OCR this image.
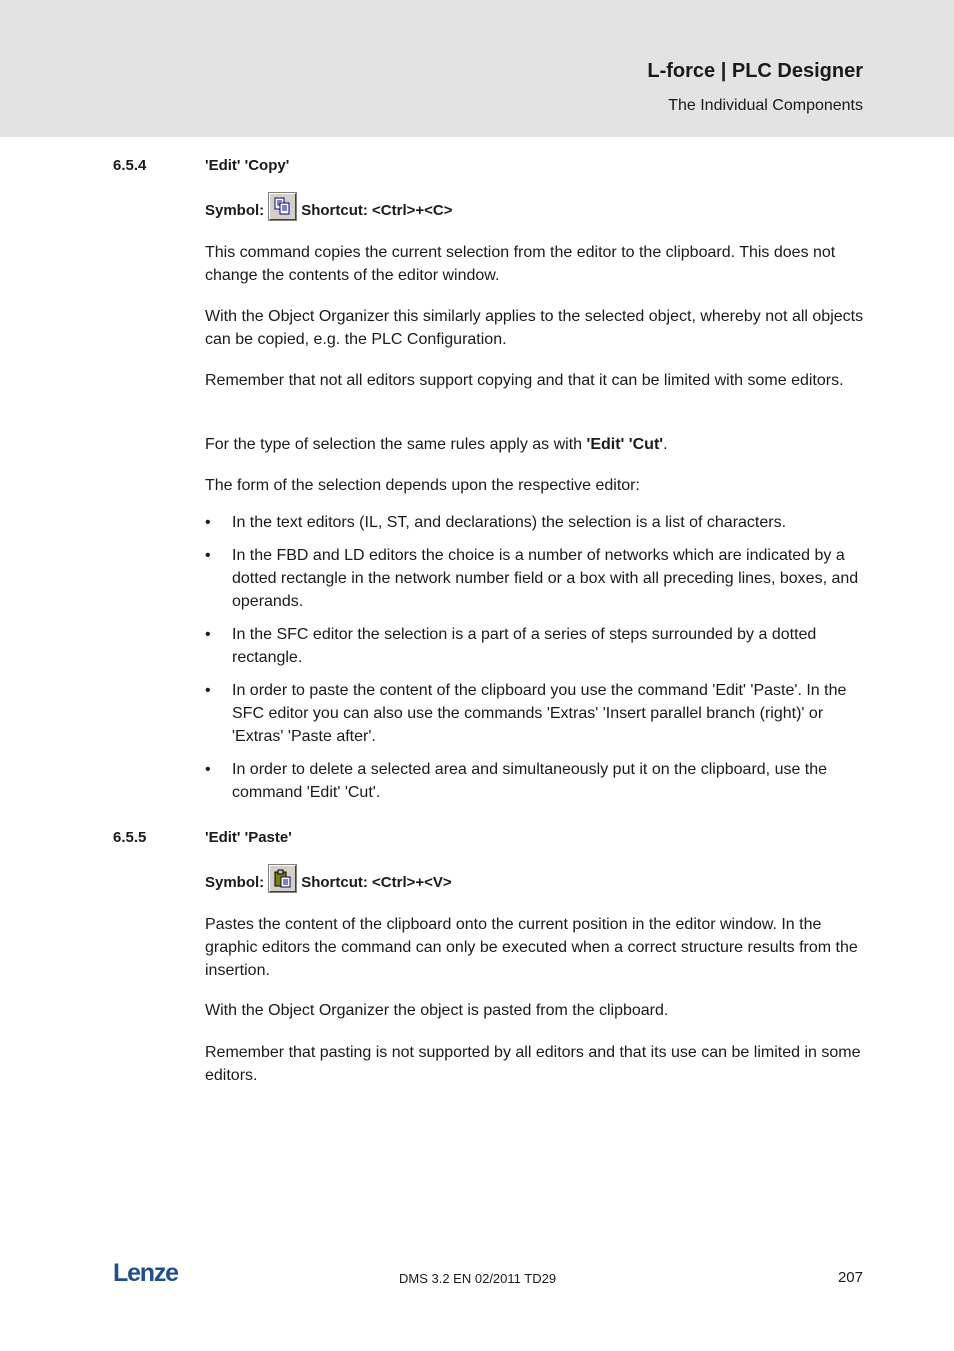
L-force | PLC Designer
The Individual Components
6.5.4	'Edit' 'Copy'
Symbol: Shortcut: <Ctrl>+<C>

This command copies the current selection from the editor to the clipboard. This does not change the contents of the editor window.

With the Object Organizer this similarly applies to the selected object, whereby not all objects can be copied, e.g. the PLC Configuration.

Remember that not all editors support copying and that it can be limited with some editors.

For the type of selection the same rules apply as with 'Edit' 'Cut'.

The form of the selection depends upon the respective editor:

• In the text editors (IL, ST, and declarations) the selection is a list of characters.
• In the FBD and LD editors the choice is a number of networks which are indicated by a dotted rectangle in the network number field or a box with all preceding lines, boxes, and operands.
• In the SFC editor the selection is a part of a series of steps surrounded by a dotted rectangle.
• In order to paste the content of the clipboard you use the command 'Edit' 'Paste'. In the SFC editor you can also use the commands 'Extras' 'Insert parallel branch (right)' or 'Extras' 'Paste after'.
• In order to delete a selected area and simultaneously put it on the clipboard, use the command 'Edit' 'Cut'.
6.5.5	'Edit' 'Paste'
Symbol: Shortcut: <Ctrl>+<V>

Pastes the content of the clipboard onto the current position in the editor window. In the graphic editors the command can only be executed when a correct structure results from the insertion.

With the Object Organizer the object is pasted from the clipboard.

Remember that pasting is not supported by all editors and that its use can be limited in some editors.

Lenze	DMS 3.2 EN 02/2011 TD29	207
